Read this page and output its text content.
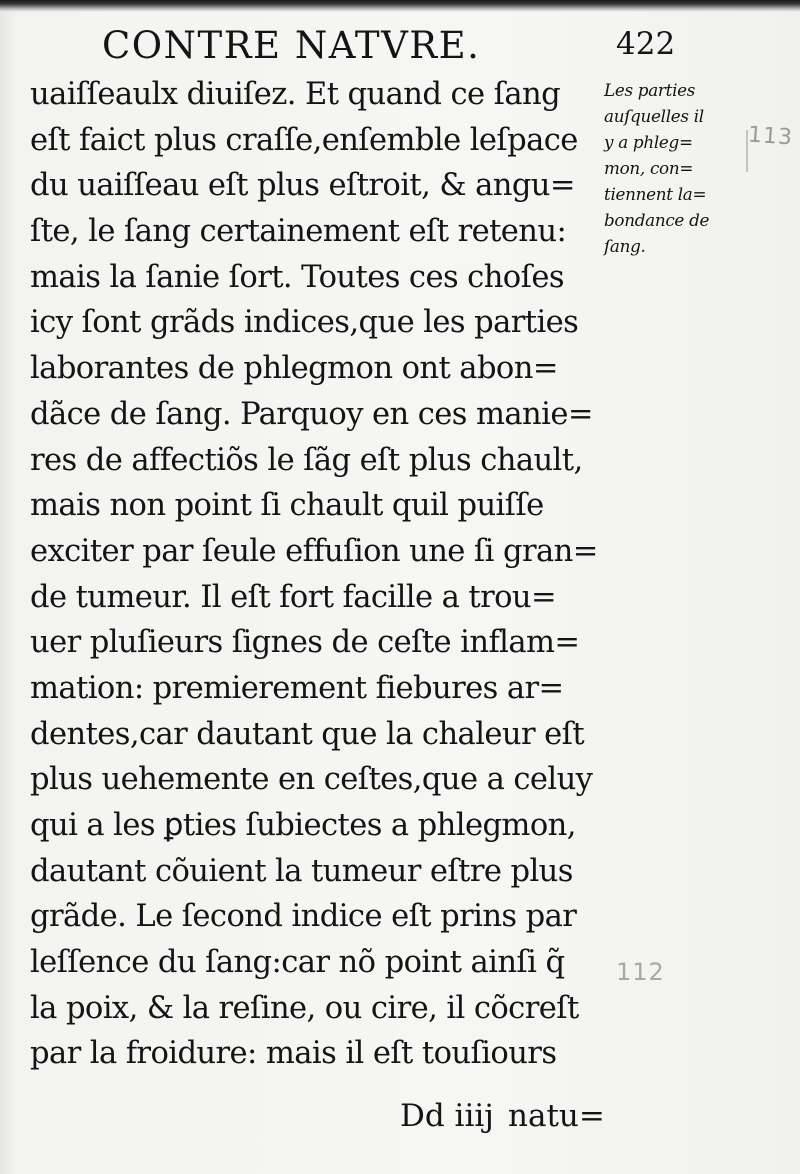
CONTRE NATVRE.	422
uaiſſeaulx diuiſez. Et quand ce ſang
eſt faict plus craſſe,enſemble leſpace
du uaiſſeau eſt plus eſtroit, & angu=
ſte, le ſang certainement eſt retenu:
mais la ſanie ſort. Toutes ces choſes
icy ſont grãds indices,que les parties
laborantes de phlegmon ont abon=
dãce de ſang. Parquoy en ces manie=
res de affectiõs le ſãg eſt plus chault,
mais non point ſi chault quil puiſſe
exciter par ſeule effuſion une ſi gran=
de tumeur. Il eſt fort facille a trou=
uer pluſieurs ſignes de ceſte inflam=
mation: premierement fiebures ar=
dentes,car dautant que la chaleur eſt
plus uehemente en ceſtes,que a celuy
qui a les ꝑties ſubiectes a phlegmon,
dautant cõuient la tumeur eſtre plus
grãde. Le ſecond indice eſt prins par
leſſence du ſang:car nõ point ainſi q̃
la poix, & la reſine, ou cire, il cõcreſt
par la froidure: mais il eſt touſiours
Les parties
auſquelles il
y a phleg=
mon, con=
tiennent la=
bondance de
ſang.
113
112
Dd iiij natu=
